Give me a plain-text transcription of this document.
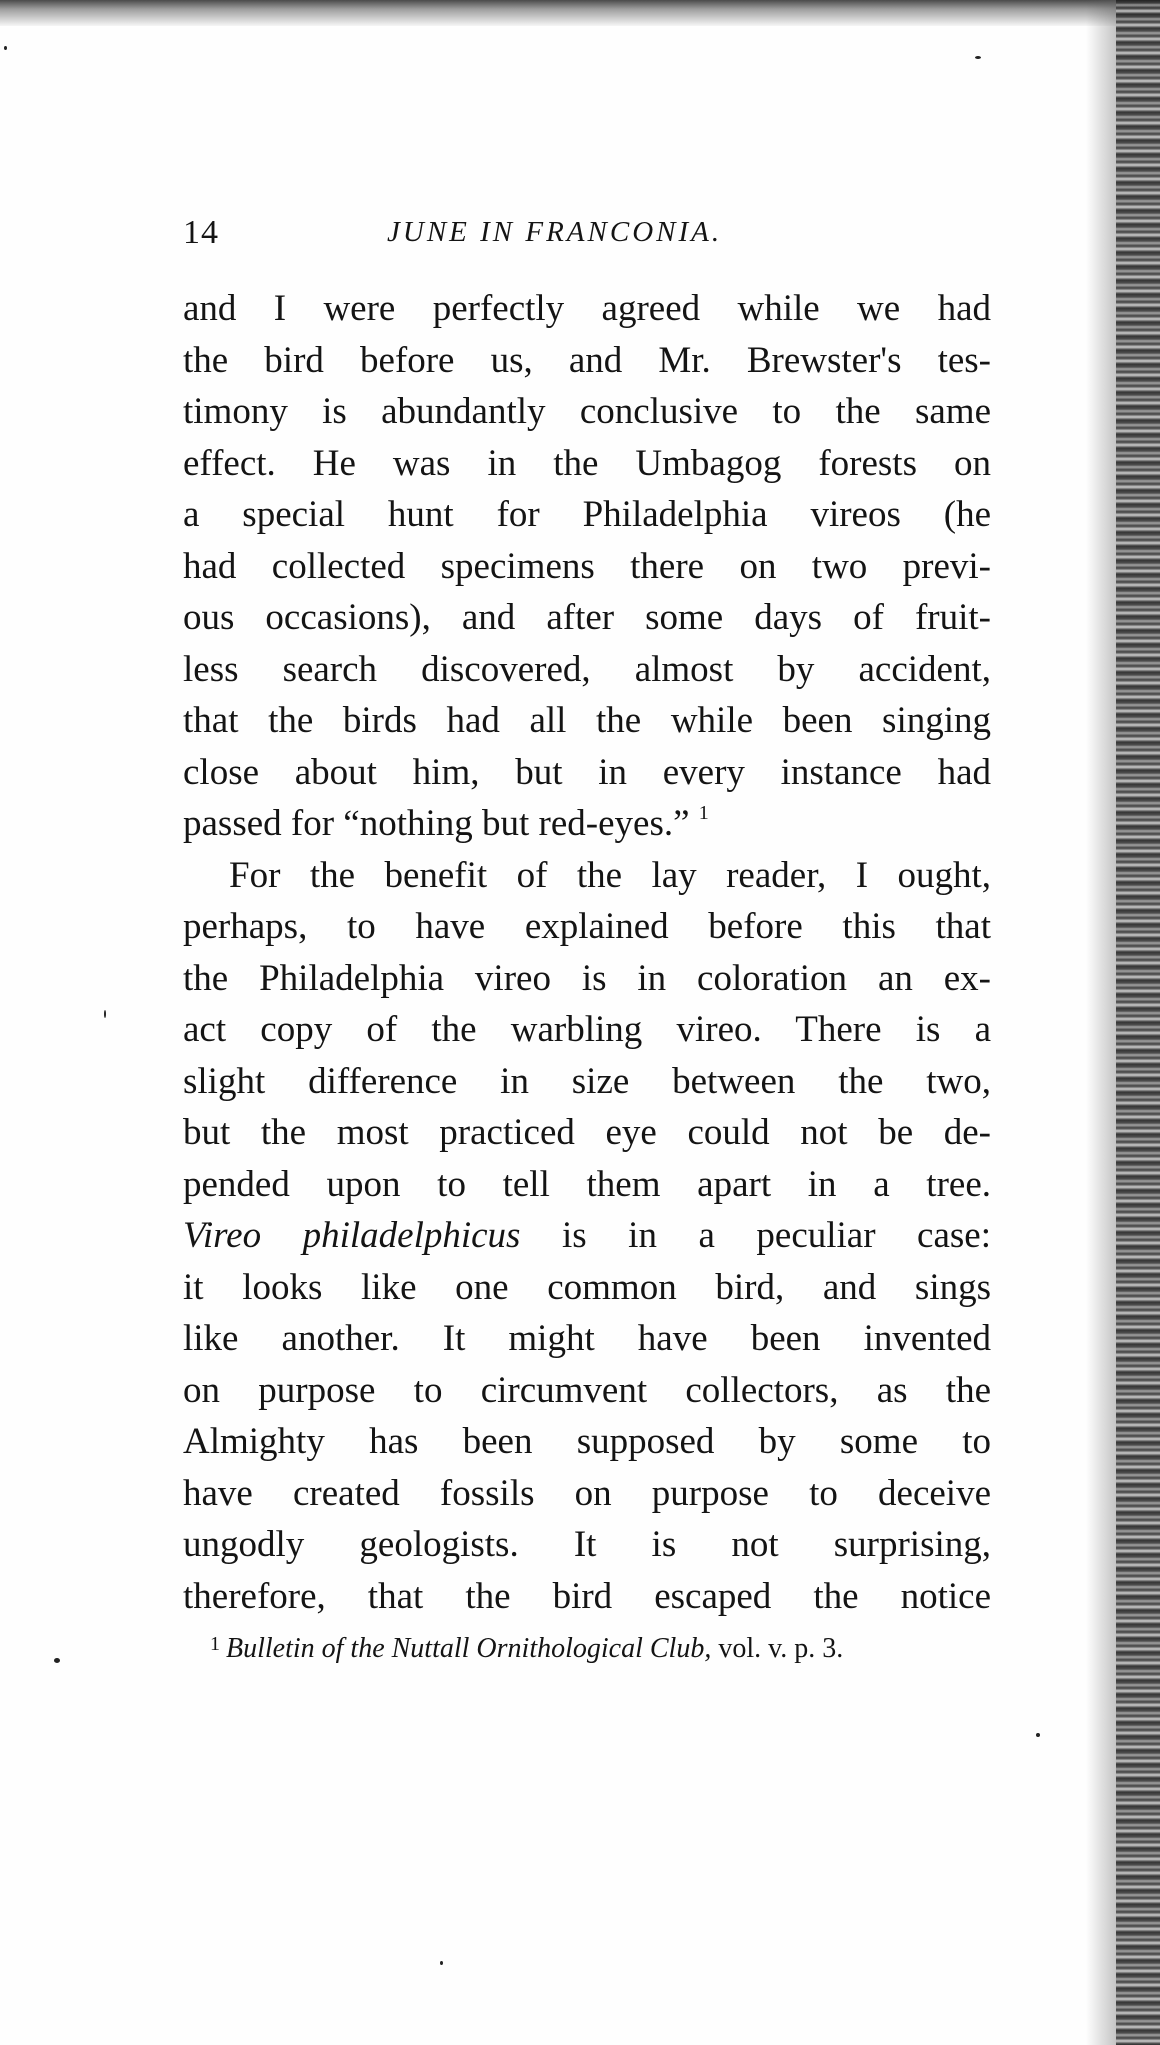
14	JUNE IN FRANCONIA.
and I were perfectly agreed while we had
the bird before us, and Mr. Brewster's tes-
timony is abundantly conclusive to the same
effect. He was in the Umbagog forests on
a special hunt for Philadelphia vireos (he
had collected specimens there on two previ-
ous occasions), and after some days of fruit-
less search discovered, almost by accident,
that the birds had all the while been singing
close about him, but in every instance had
passed for “nothing but red-eyes.” $^1$
For the benefit of the lay reader, I ought,
perhaps, to have explained before this that
the Philadelphia vireo is in coloration an ex-
act copy of the warbling vireo. There is a
slight difference in size between the two,
but the most practiced eye could not be de-
pended upon to tell them apart in a tree.
Vireo philadelphicus is in a peculiar case:
it looks like one common bird, and sings
like another. It might have been invented
on purpose to circumvent collectors, as the
Almighty has been supposed by some to
have created fossils on purpose to deceive
ungodly geologists. It is not surprising,
therefore, that the bird escaped the notice
$^1$ Bulletin of the Nuttall Ornithological Club, vol. v. p. 3.
